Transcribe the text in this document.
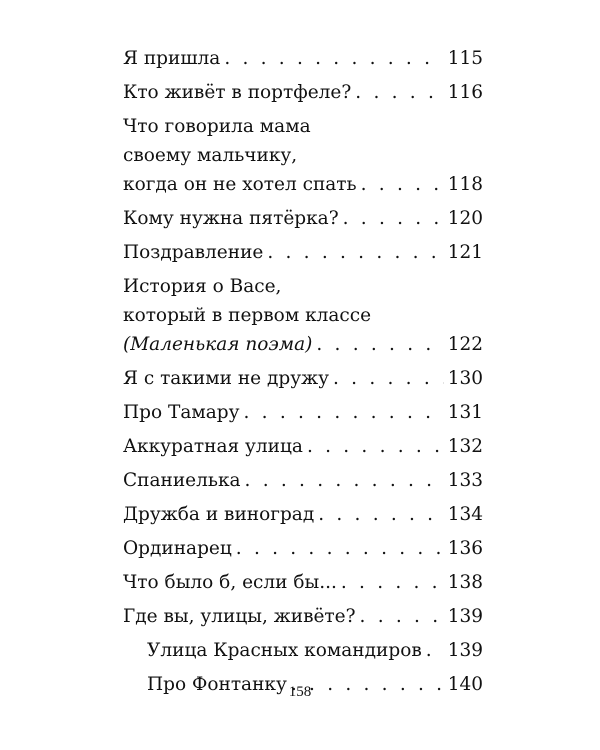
Я пришла . . .	115
Кто живёт в портфеле? . . .	116
Что говорила мама
своему мальчику,
когда он не хотел спать . . .	118
Кому нужна пятёрка? . . .	120
Поздравление . . .	121
История о Васе,
который в первом классе
(Маленькая поэма) . . .	122
Я с такими не дружу . . .	130
Про Тамару . . .	131
Аккуратная улица . . .	132
Спаниелька . . .	133
Дружба и виноград . . .	134
Ординарец . . .	136
Что было б, если бы... . . .	138
Где вы, улицы, живёте? . . .	139
Улица Красных командиров . . . 139
Про Фонтанку . . .	140
158
